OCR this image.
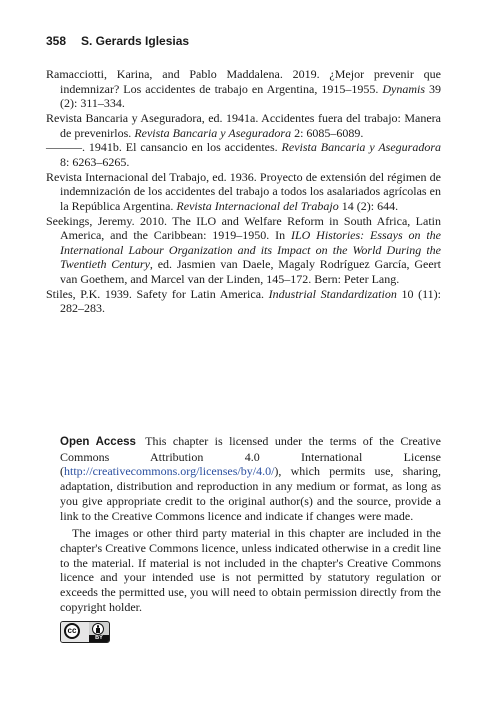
358 S. Gerards Iglesias

Ramacciotti, Karina, and Pablo Maddalena. 2019. ¿Mejor prevenir que indemnizar? Los accidentes de trabajo en Argentina, 1915–1955. Dynamis 39 (2): 311–334.

Revista Bancaria y Aseguradora, ed. 1941a. Accidentes fuera del trabajo: Manera de prevenirlos. Revista Bancaria y Aseguradora 2: 6085–6089.

———. 1941b. El cansancio en los accidentes. Revista Bancaria y Aseguradora 8: 6263–6265.

Revista Internacional del Trabajo, ed. 1936. Proyecto de extensión del régimen de indemnización de los accidentes del trabajo a todos los asalariados agrícolas en la República Argentina. Revista Internacional del Trabajo 14 (2): 644.

Seekings, Jeremy. 2010. The ILO and Welfare Reform in South Africa, Latin America, and the Caribbean: 1919–1950. In ILO Histories: Essays on the International Labour Organization and its Impact on the World During the Twentieth Century, ed. Jasmien van Daele, Magaly Rodríguez García, Geert van Goethem, and Marcel van der Linden, 145–172. Bern: Peter Lang.

Stiles, P.K. 1939. Safety for Latin America. Industrial Standardization 10 (11): 282–283.

Open Access This chapter is licensed under the terms of the Creative Commons Attribution 4.0 International License (http://creativecommons.org/licenses/by/4.0/), which permits use, sharing, adaptation, distribution and reproduction in any medium or format, as long as you give appropriate credit to the original author(s) and the source, provide a link to the Creative Commons licence and indicate if changes were made.

The images or other third party material in this chapter are included in the chapter's Creative Commons licence, unless indicated otherwise in a credit line to the material. If material is not included in the chapter's Creative Commons licence and your intended use is not permitted by statutory regulation or exceeds the permitted use, you will need to obtain permission directly from the copyright holder.

cc
BY
